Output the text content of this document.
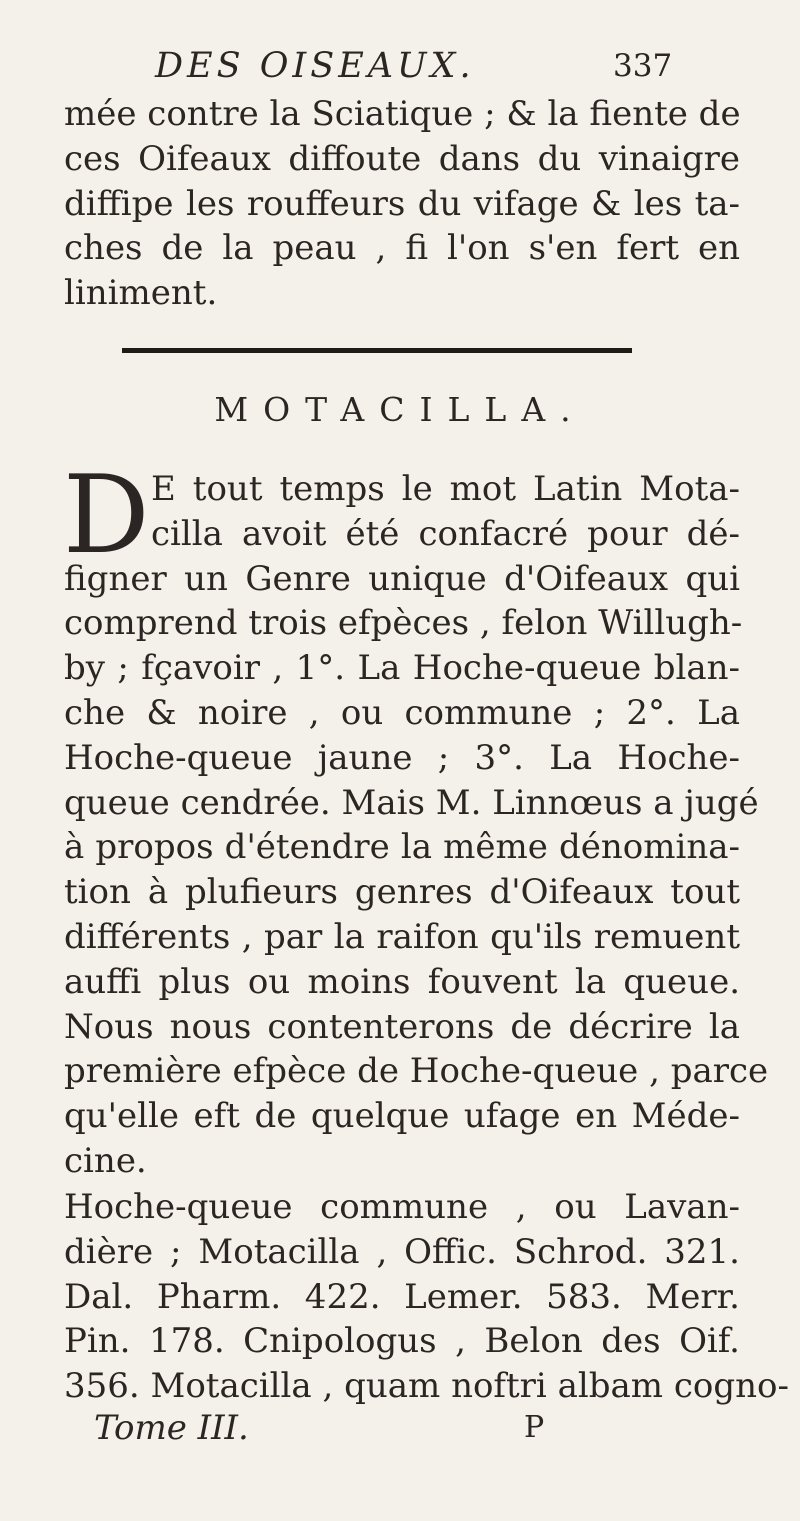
DES OISEAUX.	337
mée contre la Sciatique ; & la fiente de
ces Oifeaux diffoute dans du vinaigre
diffipe les rouffeurs du vifage & les ta-
ches de la peau , fi l'on s'en fert en
liniment.
MOTACILLA.
D E tout temps le mot Latin Mota-
cilla avoit été confacré pour dé-
figner un Genre unique d'Oifeaux qui
comprend trois efpèces , felon Willugh-
by ; fçavoir , 1°. La Hoche-queue blan-
che & noire , ou commune ; 2°. La
Hoche-queue jaune ; 3°. La Hoche-
queue cendrée. Mais M. Linnœus a jugé
à propos d'étendre la même dénomina-
tion à plufieurs genres d'Oifeaux tout
différents , par la raifon qu'ils remuent
auffi plus ou moins fouvent la queue.
Nous nous contenterons de décrire la
première efpèce de Hoche-queue , parce
qu'elle eft de quelque ufage en Méde-
cine.
Hoche-queue commune , ou Lavan-
dière ; Motacilla , Offic. Schrod. 321.
Dal. Pharm. 422. Lemer. 583. Merr.
Pin. 178. Cnipologus , Belon des Oif.
356. Motacilla , quam noftri albam cogno-
Tome III.	P
